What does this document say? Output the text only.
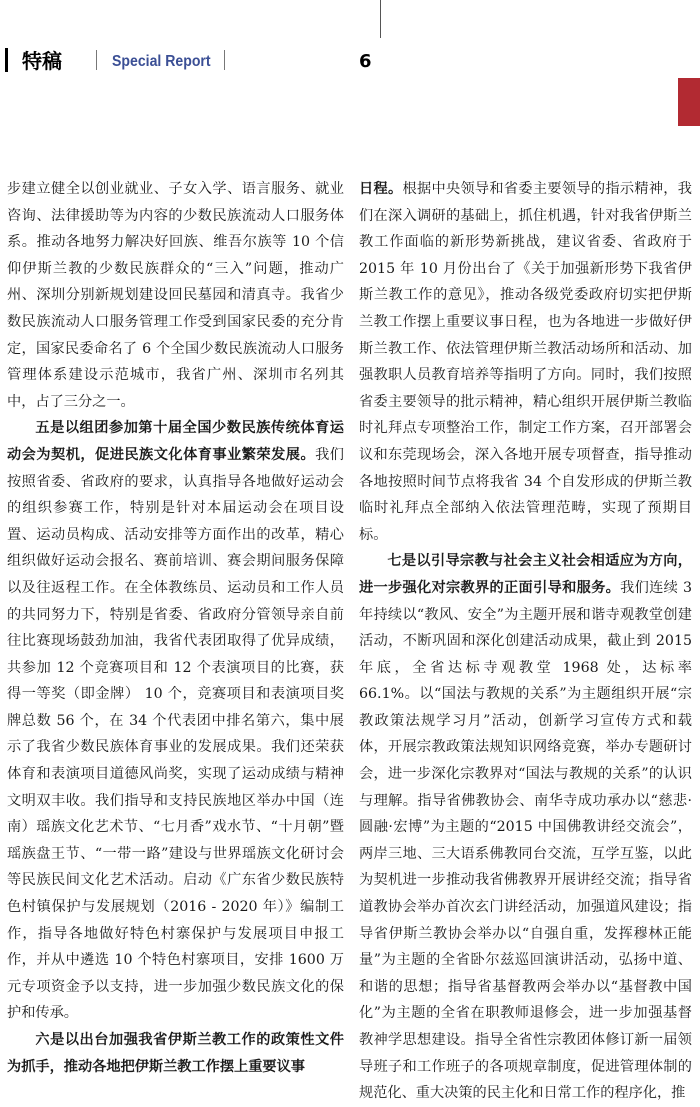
特稿	Special Report	6

步建立健全以创业就业、子女入学、语言服务、就业咨询、法律援助等为内容的少数民族流动人口服务体系。推动各地努力解决好回族、维吾尔族等 10 个信仰伊斯兰教的少数民族群众的“三入”问题，推动广州、深圳分别新规划建设回民墓园和清真寺。我省少数民族流动人口服务管理工作受到国家民委的充分肯定，国家民委命名了 6 个全国少数民族流动人口服务管理体系建设示范城市，我省广州、深圳市名列其中，占了三分之一。

五是以组团参加第十届全国少数民族传统体育运动会为契机，促进民族文化体育事业繁荣发展。我们按照省委、省政府的要求，认真指导各地做好运动会的组织参赛工作，特别是针对本届运动会在项目设置、运动员构成、活动安排等方面作出的改革，精心组织做好运动会报名、赛前培训、赛会期间服务保障以及往返程工作。在全体教练员、运动员和工作人员的共同努力下，特别是省委、省政府分管领导亲自前往比赛现场鼓劲加油，我省代表团取得了优异成绩，共参加 12 个竞赛项目和 12 个表演项目的比赛，获得一等奖（即金牌） 10 个，竞赛项目和表演项目奖牌总数 56 个，在 34 个代表团中排名第六，集中展示了我省少数民族体育事业的发展成果。我们还荣获体育和表演项目道德风尚奖，实现了运动成绩与精神文明双丰收。我们指导和支持民族地区举办中国（连南）瑶族文化艺术节、“七月香”戏水节、“十月朝”暨瑶族盘王节、“一带一路”建设与世界瑶族文化研讨会等民族民间文化艺术活动。启动《广东省少数民族特色村镇保护与发展规划（2016 - 2020 年）》编制工作，指导各地做好特色村寨保护与发展项目申报工作，并从中遴选 10 个特色村寨项目，安排 1600 万元专项资金予以支持，进一步加强少数民族文化的保护和传承。

六是以出台加强我省伊斯兰教工作的政策性文件为抓手，推动各地把伊斯兰教工作摆上重要议事

日程。根据中央领导和省委主要领导的指示精神，我们在深入调研的基础上，抓住机遇，针对我省伊斯兰教工作面临的新形势新挑战，建议省委、省政府于 2015 年 10 月份出台了《关于加强新形势下我省伊斯兰教工作的意见》，推动各级党委政府切实把伊斯兰教工作摆上重要议事日程，也为各地进一步做好伊斯兰教工作、依法管理伊斯兰教活动场所和活动、加强教职人员教育培养等指明了方向。同时，我们按照省委主要领导的批示精神，精心组织开展伊斯兰教临时礼拜点专项整治工作，制定工作方案，召开部署会议和东莞现场会，深入各地开展专项督查，指导推动各地按照时间节点将我省 34 个自发形成的伊斯兰教临时礼拜点全部纳入依法管理范畴，实现了预期目标。

七是以引导宗教与社会主义社会相适应为方向，进一步强化对宗教界的正面引导和服务。我们连续 3 年持续以“教风、安全”为主题开展和谐寺观教堂创建活动，不断巩固和深化创建活动成果，截止到 2015 年底，全省达标寺观教堂 1968 处，达标率 66.1%。以“国法与教规的关系”为主题组织开展“宗教政策法规学习月”活动，创新学习宣传方式和载体，开展宗教政策法规知识网络竞赛，举办专题研讨会，进一步深化宗教界对“国法与教规的关系”的认识与理解。指导省佛教协会、南华寺成功承办以“慈悲·圆融·宏博”为主题的“2015 中国佛教讲经交流会”，两岸三地、三大语系佛教同台交流，互学互鉴，以此为契机进一步推动我省佛教界开展讲经交流；指导省道教协会举办首次玄门讲经活动，加强道风建设；指导省伊斯兰教协会举办以“自强自重，发挥穆林正能量”为主题的全省卧尔兹巡回演讲活动，弘扬中道、和谐的思想；指导省基督教两会举办以“基督教中国化”为主题的全省在职教师退修会，进一步加强基督教神学思想建设。指导全省性宗教团体修订新一届领导班子和工作班子的各项规章制度，促进管理体制的规范化、重大决策的民主化和日常工作的程序化，推
